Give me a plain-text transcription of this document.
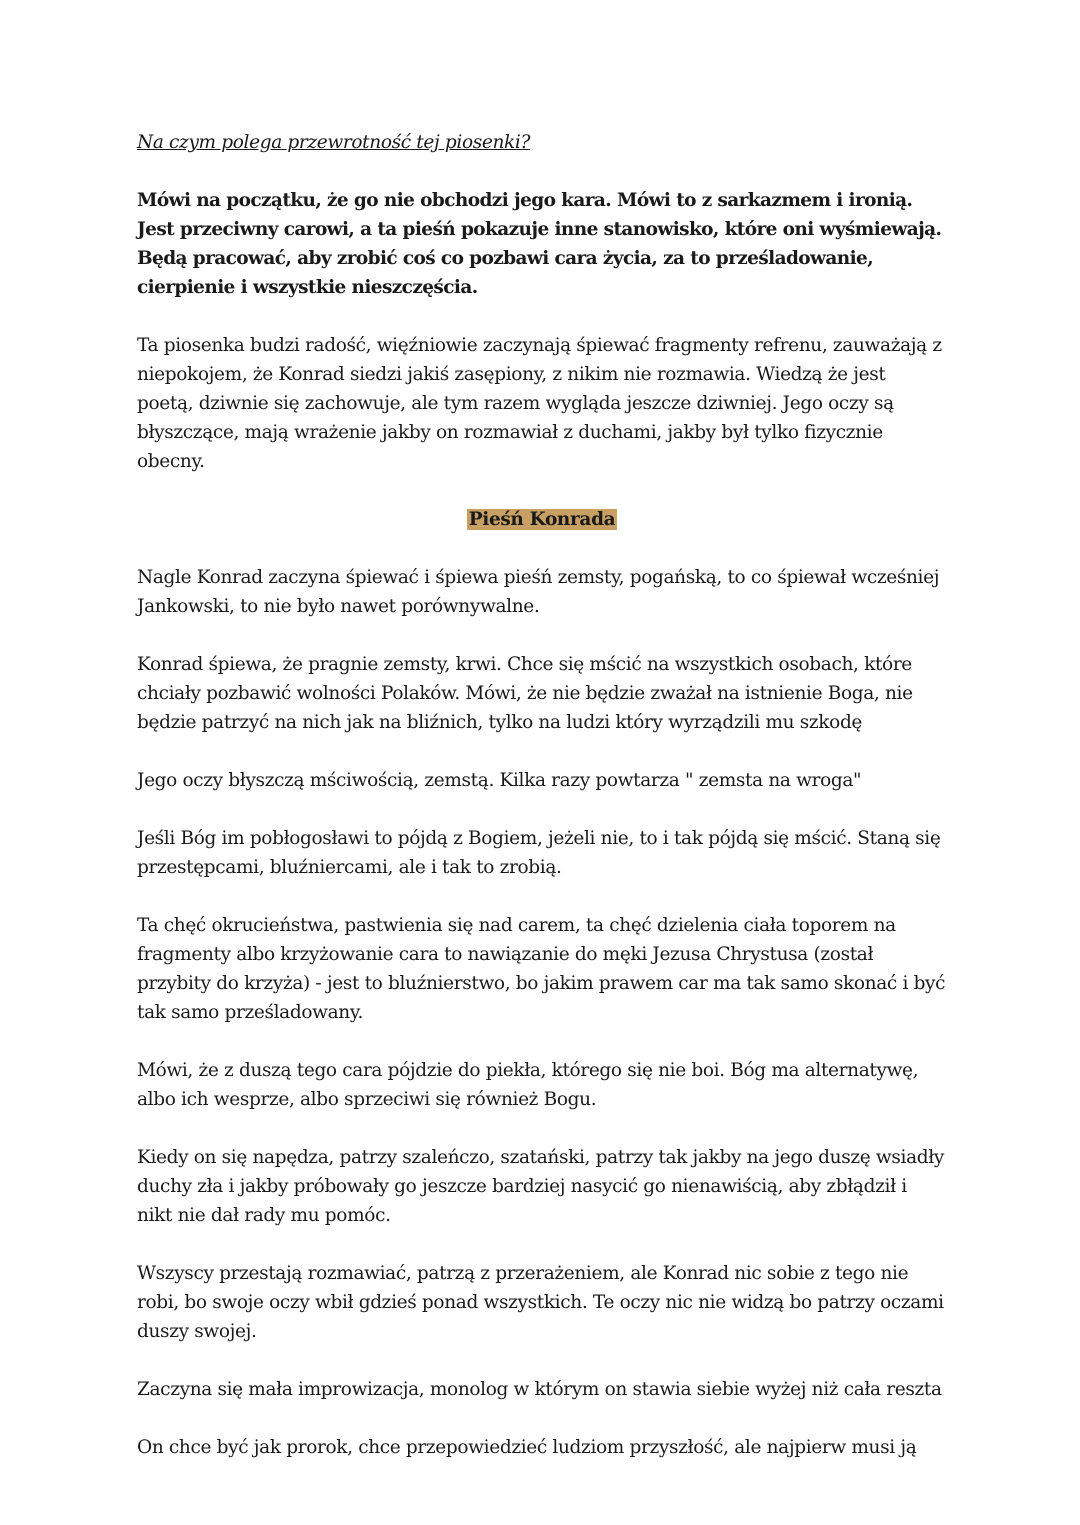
Na czym polega przewrotność tej piosenki?

Mówi na początku, że go nie obchodzi jego kara. Mówi to z sarkazmem i ironią. Jest przeciwny carowi, a ta pieśń pokazuje inne stanowisko, które oni wyśmiewają. Będą pracować, aby zrobić coś co pozbawi cara życia, za to prześladowanie, cierpienie i wszystkie nieszczęścia.

Ta piosenka budzi radość, więźniowie zaczynają śpiewać fragmenty refrenu, zauważają z niepokojem, że Konrad siedzi jakiś zasępiony, z nikim nie rozmawia. Wiedzą że jest poetą, dziwnie się zachowuje, ale tym razem wygląda jeszcze dziwniej. Jego oczy są błyszczące, mają wrażenie jakby on rozmawiał z duchami, jakby był tylko fizycznie obecny.

Pieśń Konrada

Nagle Konrad zaczyna śpiewać i śpiewa pieśń zemsty, pogańską, to co śpiewał wcześniej Jankowski, to nie było nawet porównywalne.

Konrad śpiewa, że pragnie zemsty, krwi. Chce się mścić na wszystkich osobach, które chciały pozbawić wolności Polaków. Mówi, że nie będzie zważał na istnienie Boga, nie będzie patrzyć na nich jak na bliźnich, tylko na ludzi który wyrządzili mu szkodę

Jego oczy błyszczą mściwością, zemstą. Kilka razy powtarza " zemsta na wroga"

Jeśli Bóg im pobłogosławi to pójdą z Bogiem, jeżeli nie, to i tak pójdą się mścić. Staną się przestępcami, bluźniercami, ale i tak to zrobią.

Ta chęć okrucieństwa, pastwienia się nad carem, ta chęć dzielenia ciała toporem na fragmenty albo krzyżowanie cara to nawiązanie do męki Jezusa Chrystusa (został przybity do krzyża) - jest to bluźnierstwo, bo jakim prawem car ma tak samo skonać i być tak samo prześladowany.

Mówi, że z duszą tego cara pójdzie do piekła, którego się nie boi. Bóg ma alternatywę, albo ich wesprze, albo sprzeciwi się również Bogu.

Kiedy on się napędza, patrzy szaleńczo, szatański, patrzy tak jakby na jego duszę wsiadły duchy zła i jakby próbowały go jeszcze bardziej nasycić go nienawiścią, aby zbłądził i nikt nie dał rady mu pomóc.

Wszyscy przestają rozmawiać, patrzą z przerażeniem, ale Konrad nic sobie z tego nie robi, bo swoje oczy wbił gdzieś ponad wszystkich. Te oczy nic nie widzą bo patrzy oczami duszy swojej.

Zaczyna się mała improwizacja, monolog w którym on stawia siebie wyżej niż cała reszta

On chce być jak prorok, chce przepowiedzieć ludziom przyszłość, ale najpierw musi ją
